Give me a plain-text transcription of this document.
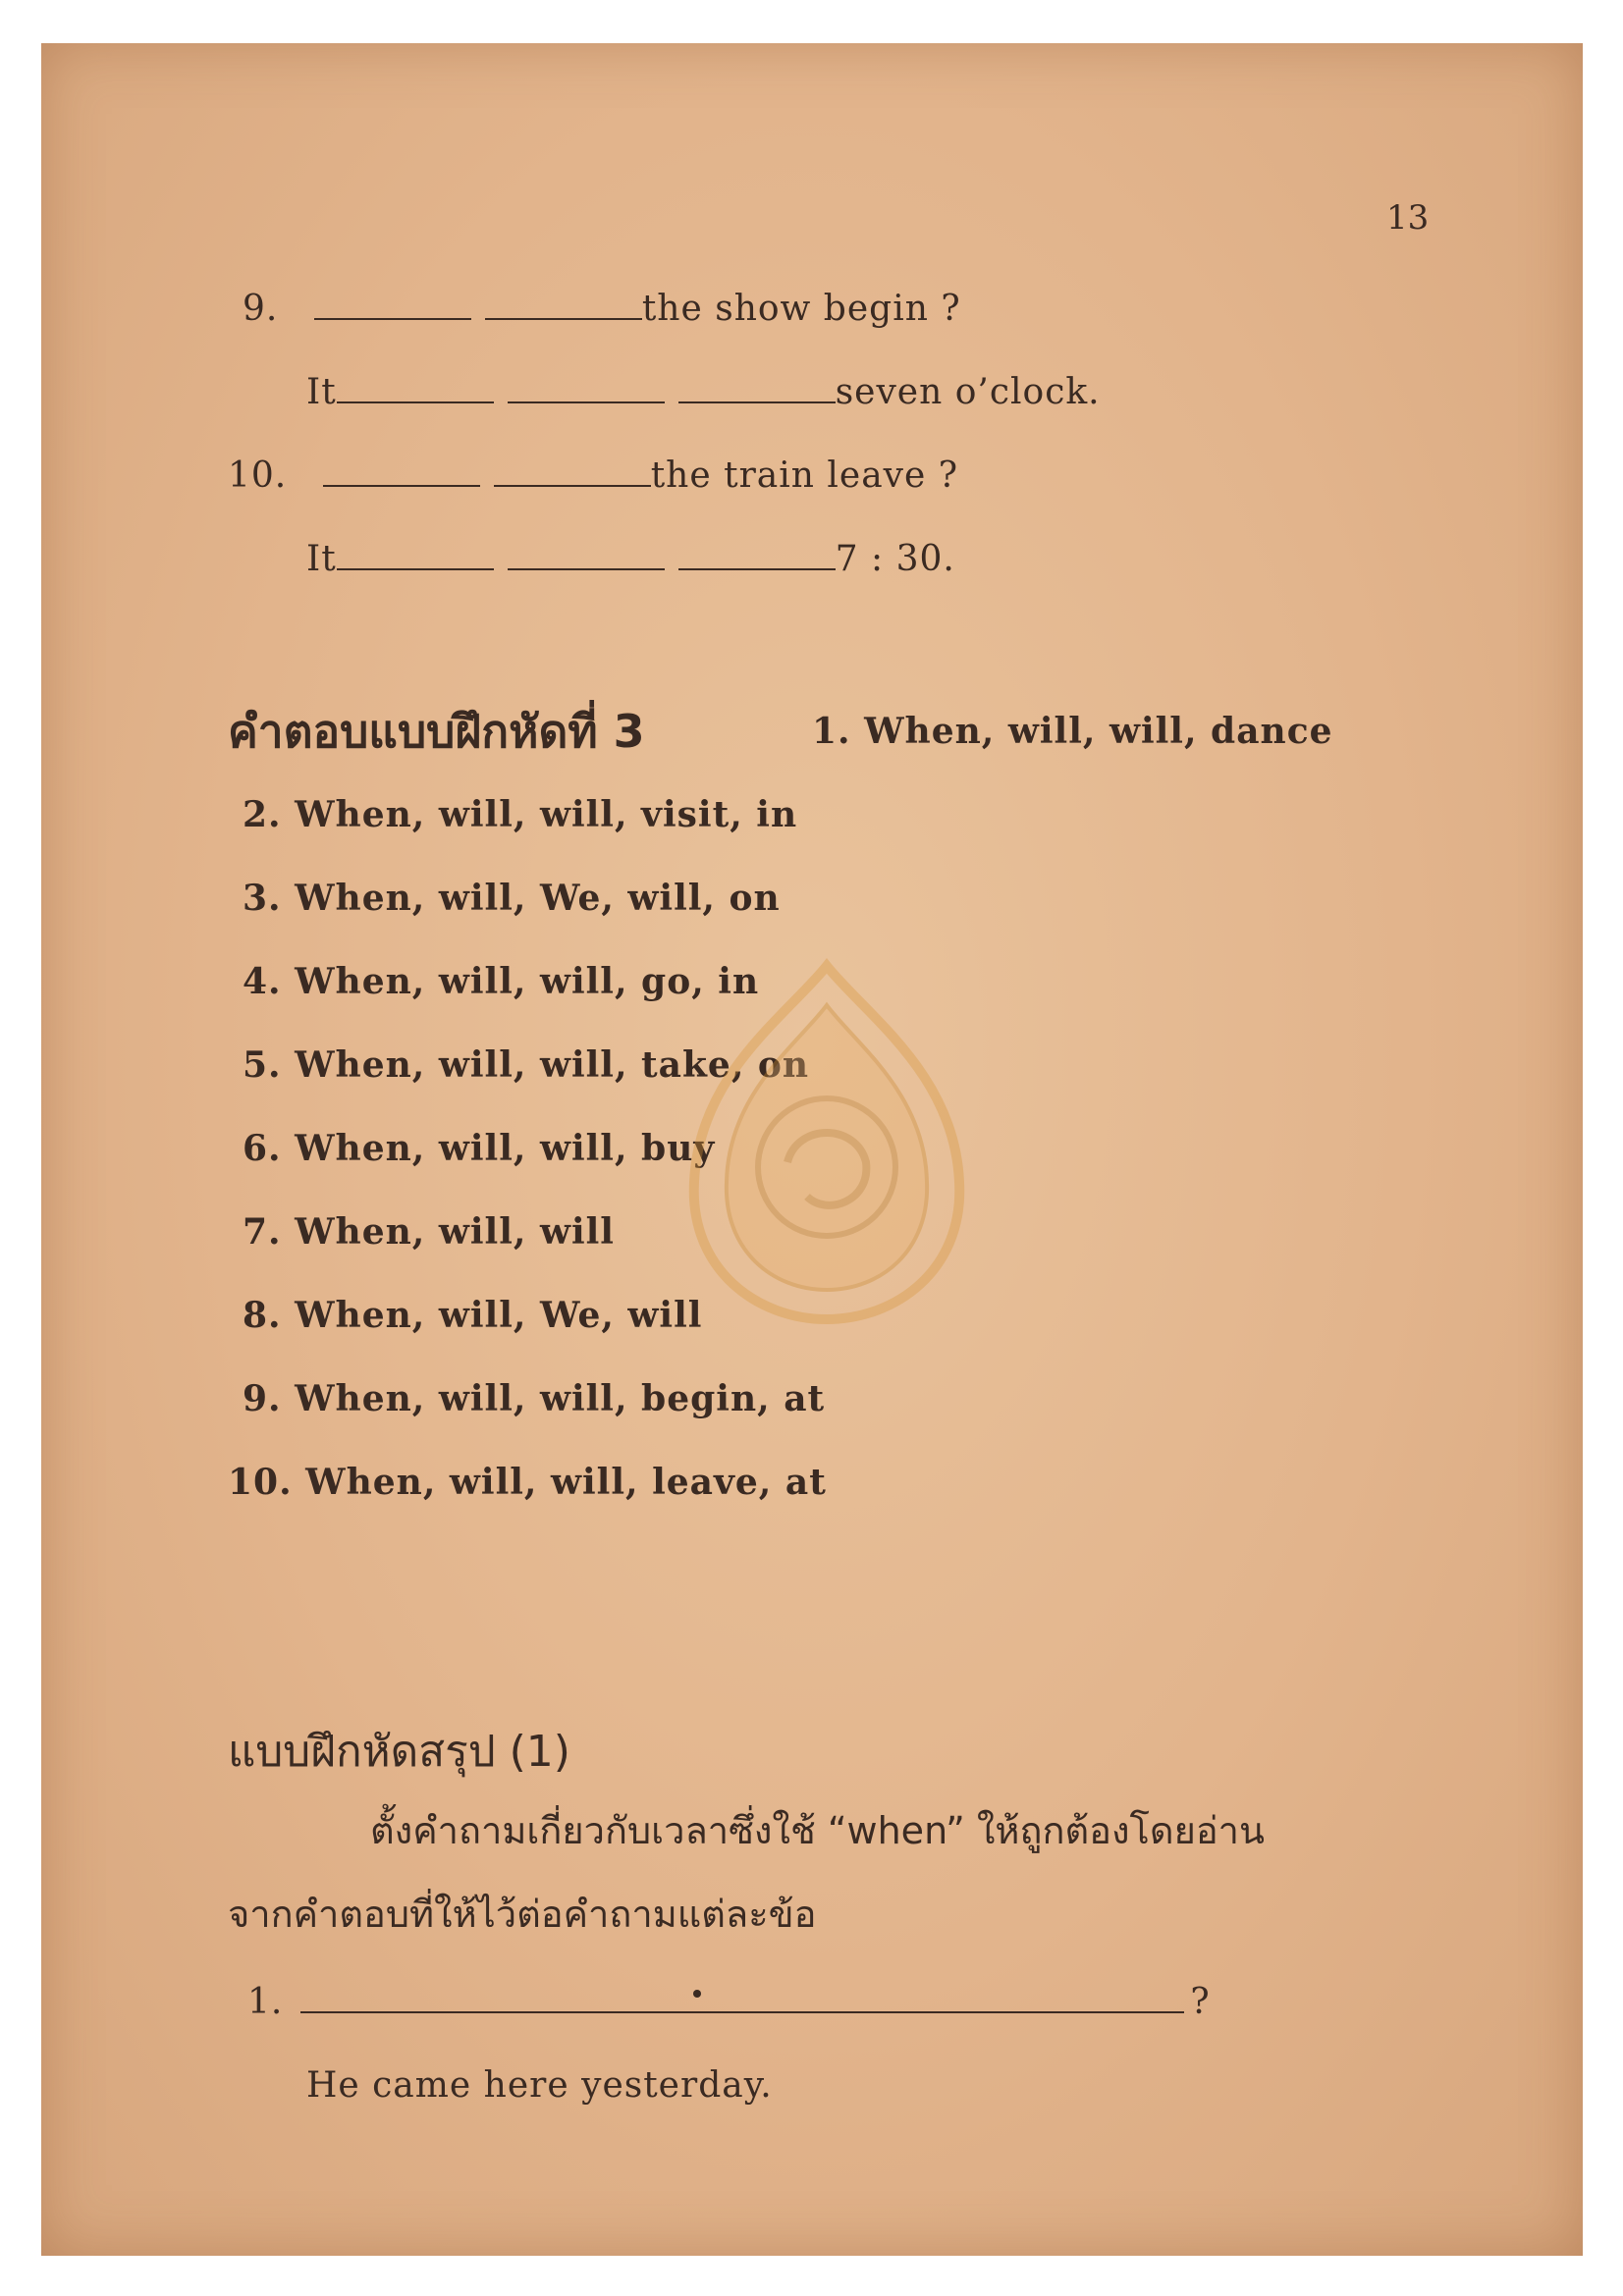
13
9.	the show begin ?
It	seven o’clock.
10.	the train leave ?
It	7 : 30.
คำตอบแบบฝึกหัดที่ 3	1. When, will, will, dance
2. When, will, will, visit, in
3. When, will, We, will, on
4. When, will, will, go, in
5. When, will, will, take, on
6. When, will, will, buy
7. When, will, will
8. When, will, We, will
9. When, will, will, begin, at
10. When, will, will, leave, at
แบบฝึกหัดสรุป (1)
ตั้งคำถามเกี่ยวกับเวลาซึ่งใช้ “when” ให้ถูกต้องโดยอ่าน
จากคำตอบที่ให้ไว้ต่อคำถามแต่ละข้อ
1.	?
He came here yesterday.
